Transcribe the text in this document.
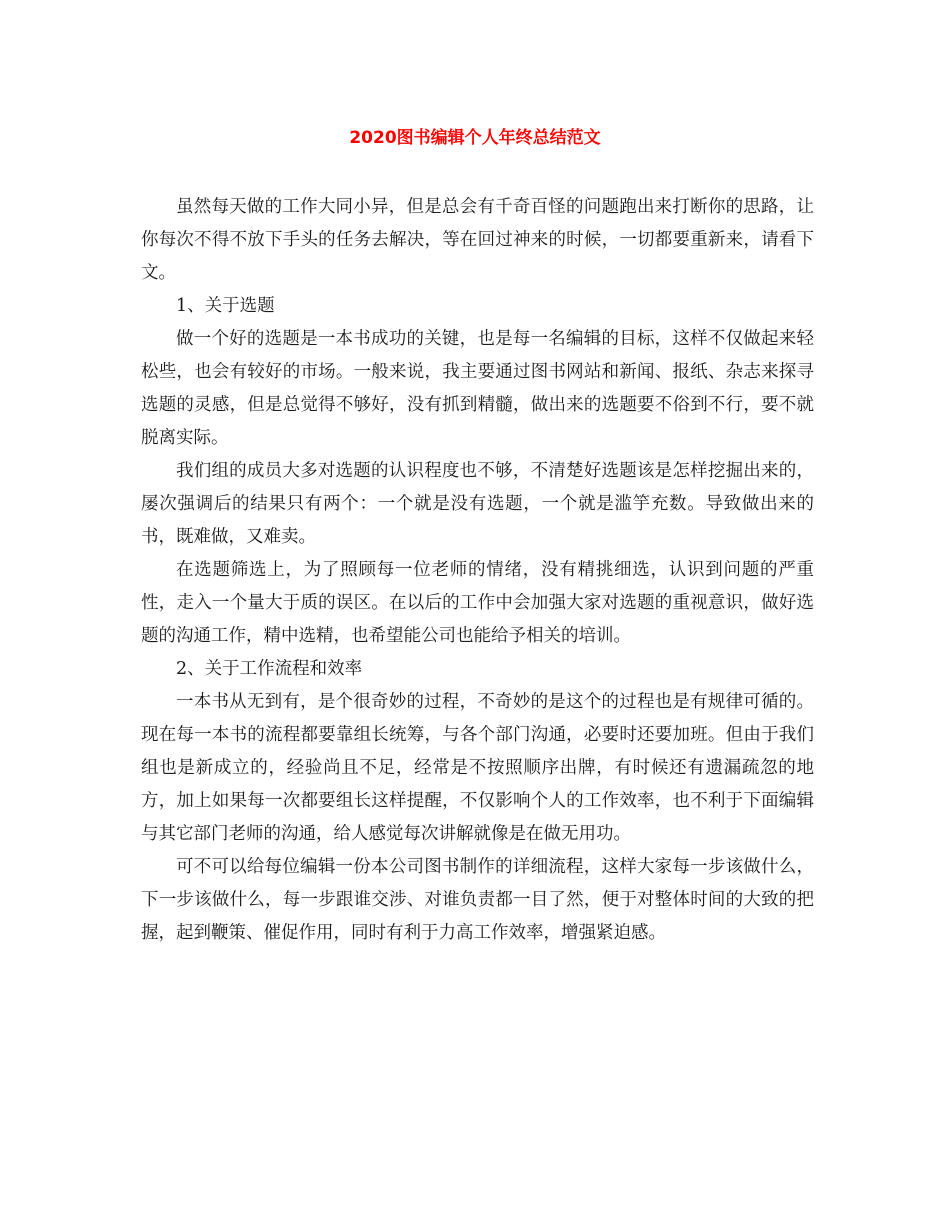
2020图书编辑个人年终总结范文

虽然每天做的工作大同小异，但是总会有千奇百怪的问题跑出来打断你的思路，让你每次不得不放下手头的任务去解决，等在回过神来的时候，一切都要重新来，请看下文。

1、关于选题

做一个好的选题是一本书成功的关键，也是每一名编辑的目标，这样不仅做起来轻松些，也会有较好的市场。一般来说，我主要通过图书网站和新闻、报纸、杂志来探寻选题的灵感，但是总觉得不够好，没有抓到精髓，做出来的选题要不俗到不行，要不就脱离实际。

我们组的成员大多对选题的认识程度也不够，不清楚好选题该是怎样挖掘出来的，屡次强调后的结果只有两个：一个就是没有选题，一个就是滥竽充数。导致做出来的书，既难做，又难卖。

在选题筛选上，为了照顾每一位老师的情绪，没有精挑细选，认识到问题的严重性，走入一个量大于质的误区。在以后的工作中会加强大家对选题的重视意识，做好选题的沟通工作，精中选精，也希望能公司也能给予相关的培训。

2、关于工作流程和效率

一本书从无到有，是个很奇妙的过程，不奇妙的是这个的过程也是有规律可循的。现在每一本书的流程都要靠组长统筹，与各个部门沟通，必要时还要加班。但由于我们组也是新成立的，经验尚且不足，经常是不按照顺序出牌，有时候还有遗漏疏忽的地方，加上如果每一次都要组长这样提醒，不仅影响个人的工作效率，也不利于下面编辑与其它部门老师的沟通，给人感觉每次讲解就像是在做无用功。

可不可以给每位编辑一份本公司图书制作的详细流程，这样大家每一步该做什么，下一步该做什么，每一步跟谁交涉、对谁负责都一目了然，便于对整体时间的大致的把握，起到鞭策、催促作用，同时有利于力高工作效率，增强紧迫感。
